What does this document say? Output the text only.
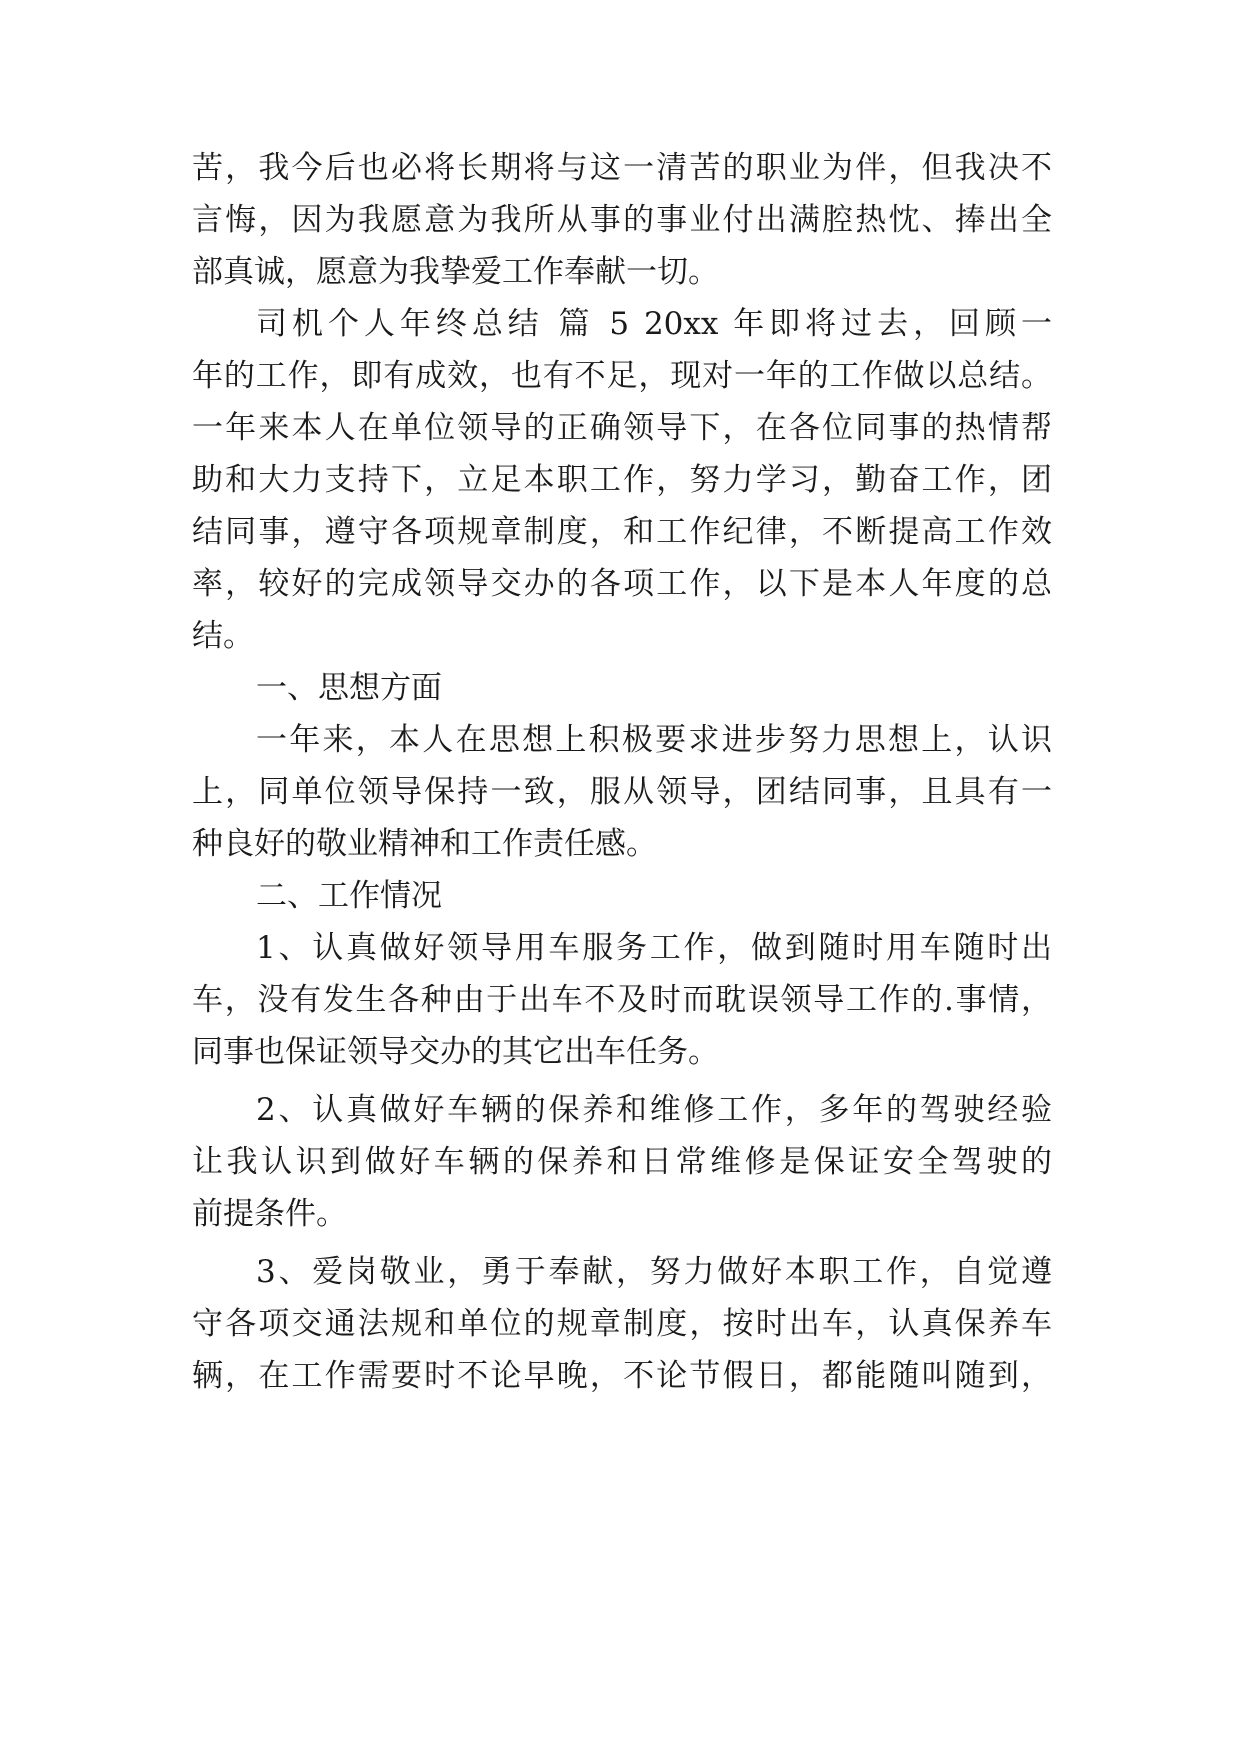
苦，我今后也必将长期将与这一清苦的职业为伴，但我决不
言悔，因为我愿意为我所从事的事业付出满腔热忱、捧出全
部真诚，愿意为我挚爱工作奉献一切。
司机个人年终总结 篇 5 20xx 年即将过去，回顾一
年的工作，即有成效，也有不足，现对一年的工作做以总结。
一年来本人在单位领导的正确领导下，在各位同事的热情帮
助和大力支持下，立足本职工作，努力学习，勤奋工作，团
结同事，遵守各项规章制度，和工作纪律，不断提高工作效
率，较好的完成领导交办的各项工作，以下是本人年度的总
结。
一、思想方面
一年来，本人在思想上积极要求进步努力思想上，认识
上，同单位领导保持一致，服从领导，团结同事，且具有一
种良好的敬业精神和工作责任感。
二、工作情况
1、认真做好领导用车服务工作，做到随时用车随时出
车，没有发生各种由于出车不及时而耽误领导工作的.事情，
同事也保证领导交办的其它出车任务。
2、认真做好车辆的保养和维修工作，多年的驾驶经验
让我认识到做好车辆的保养和日常维修是保证安全驾驶的
前提条件。
3、爱岗敬业，勇于奉献，努力做好本职工作，自觉遵
守各项交通法规和单位的规章制度，按时出车，认真保养车
辆，在工作需要时不论早晚，不论节假日，都能随叫随到，
